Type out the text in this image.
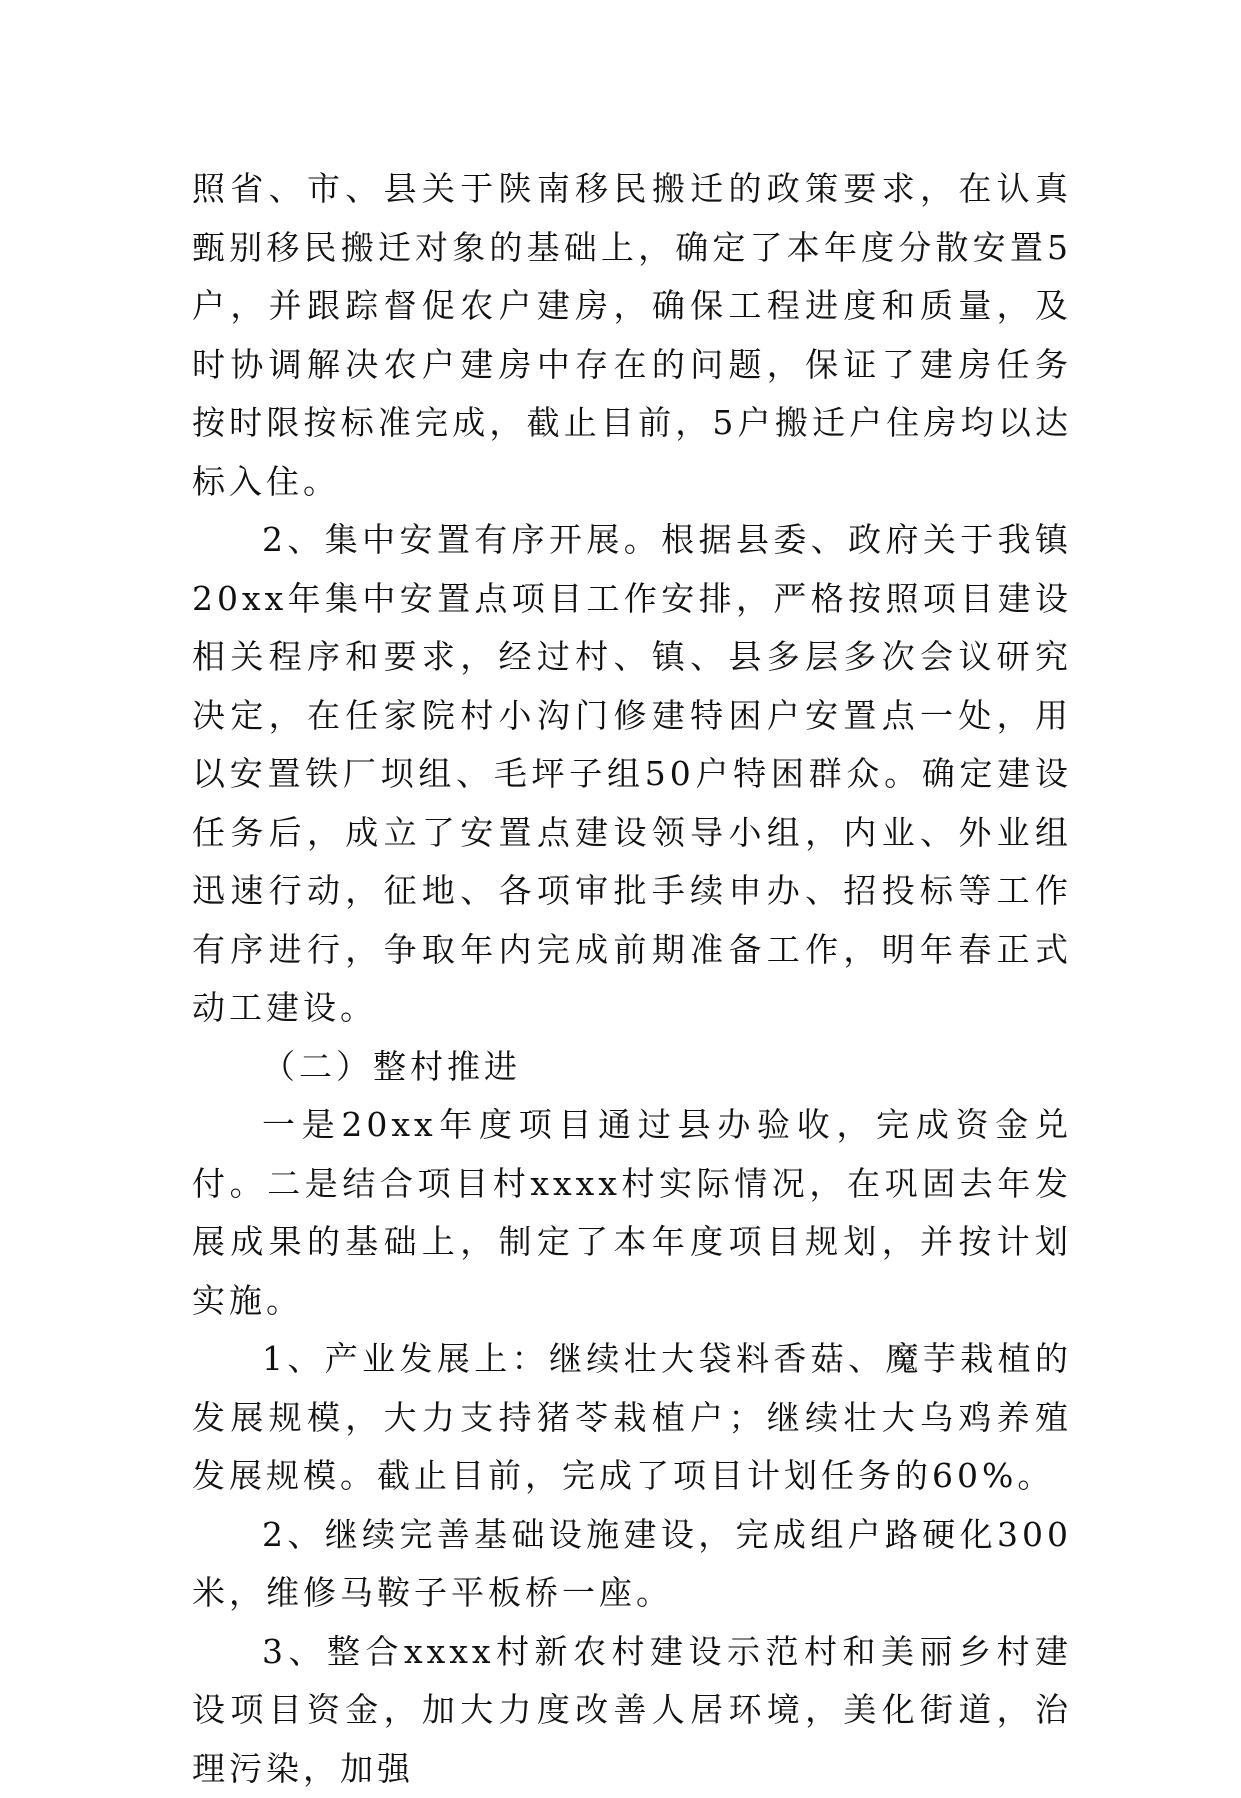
照省、市、县关于陕南移民搬迁的政策要求，在认真甄别移民搬迁对象的基础上，确定了本年度分散安置5户，并跟踪督促农户建房，确保工程进度和质量，及时协调解决农户建房中存在的问题，保证了建房任务按时限按标准完成，截止目前，5户搬迁户住房均以达标入住。

2、集中安置有序开展。根据县委、政府关于我镇20xx年集中安置点项目工作安排，严格按照项目建设相关程序和要求，经过村、镇、县多层多次会议研究决定，在任家院村小沟门修建特困户安置点一处，用以安置铁厂坝组、毛坪子组50户特困群众。确定建设任务后，成立了安置点建设领导小组，内业、外业组迅速行动，征地、各项审批手续申办、招投标等工作有序进行，争取年内完成前期准备工作，明年春正式动工建设。

（二）整村推进

一是20xx年度项目通过县办验收，完成资金兑付。二是结合项目村xxxx村实际情况，在巩固去年发展成果的基础上，制定了本年度项目规划，并按计划实施。

1、产业发展上：继续壮大袋料香菇、魔芋栽植的发展规模，大力支持猪苓栽植户；继续壮大乌鸡养殖发展规模。截止目前，完成了项目计划任务的60%。

2、继续完善基础设施建设，完成组户路硬化300米，维修马鞍子平板桥一座。

3、整合xxxx村新农村建设示范村和美丽乡村建设项目资金，加大力度改善人居环境，美化街道，治理污染，加强
